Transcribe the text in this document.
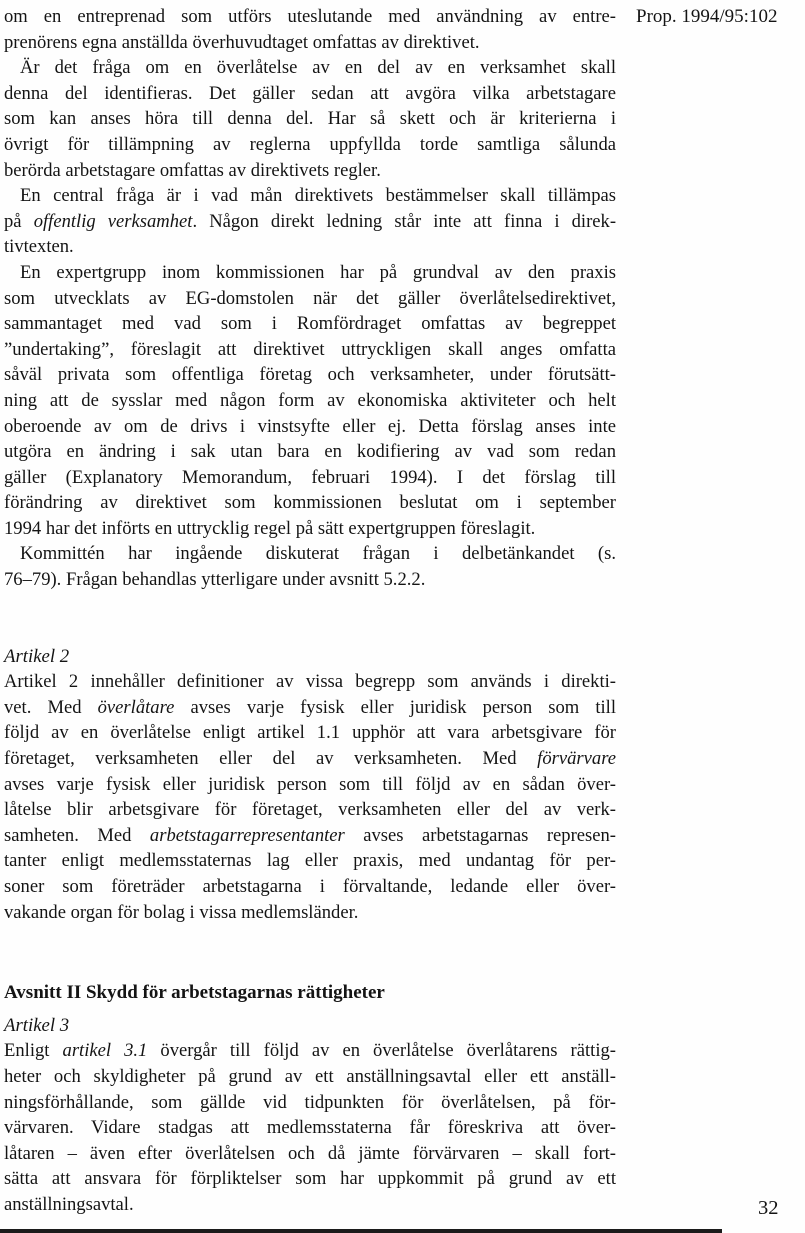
Prop. 1994/95:102
om en entreprenad som utförs uteslutande med användning av entre-
prenörens egna anställda överhuvudtaget omfattas av direktivet.
Är det fråga om en överlåtelse av en del av en verksamhet skall
denna del identifieras. Det gäller sedan att avgöra vilka arbetstagare
som kan anses höra till denna del. Har så skett och är kriterierna i
övrigt för tillämpning av reglerna uppfyllda torde samtliga sålunda
berörda arbetstagare omfattas av direktivets regler.
En central fråga är i vad mån direktivets bestämmelser skall tillämpas
på offentlig verksamhet. Någon direkt ledning står inte att finna i direk-
tivtexten.
En expertgrupp inom kommissionen har på grundval av den praxis
som utvecklats av EG-domstolen när det gäller överlåtelsedirektivet,
sammantaget med vad som i Romfördraget omfattas av begreppet
”undertaking”, föreslagit att direktivet uttryckligen skall anges omfatta
såväl privata som offentliga företag och verksamheter, under förutsätt-
ning att de sysslar med någon form av ekonomiska aktiviteter och helt
oberoende av om de drivs i vinstsyfte eller ej. Detta förslag anses inte
utgöra en ändring i sak utan bara en kodifiering av vad som redan
gäller (Explanatory Memorandum, februari 1994). I det förslag till
förändring av direktivet som kommissionen beslutat om i september
1994 har det införts en uttrycklig regel på sätt expertgruppen föreslagit.
Kommittén har ingående diskuterat frågan i delbetänkandet (s.
76–79). Frågan behandlas ytterligare under avsnitt 5.2.2.
Artikel 2
Artikel 2 innehåller definitioner av vissa begrepp som används i direkti-
vet. Med överlåtare avses varje fysisk eller juridisk person som till
följd av en överlåtelse enligt artikel 1.1 upphör att vara arbetsgivare för
företaget, verksamheten eller del av verksamheten. Med förvärvare
avses varje fysisk eller juridisk person som till följd av en sådan över-
låtelse blir arbetsgivare för företaget, verksamheten eller del av verk-
samheten. Med arbetstagarrepresentanter avses arbetstagarnas represen-
tanter enligt medlemsstaternas lag eller praxis, med undantag för per-
soner som företräder arbetstagarna i förvaltande, ledande eller över-
vakande organ för bolag i vissa medlemsländer.
Avsnitt II Skydd för arbetstagarnas rättigheter
Artikel 3
Enligt artikel 3.1 övergår till följd av en överlåtelse överlåtarens rättig-
heter och skyldigheter på grund av ett anställningsavtal eller ett anställ-
ningsförhållande, som gällde vid tidpunkten för överlåtelsen, på för-
värvaren. Vidare stadgas att medlemsstaterna får föreskriva att över-
låtaren – även efter överlåtelsen och då jämte förvärvaren – skall fort-
sätta att ansvara för förpliktelser som har uppkommit på grund av ett
anställningsavtal.	32
